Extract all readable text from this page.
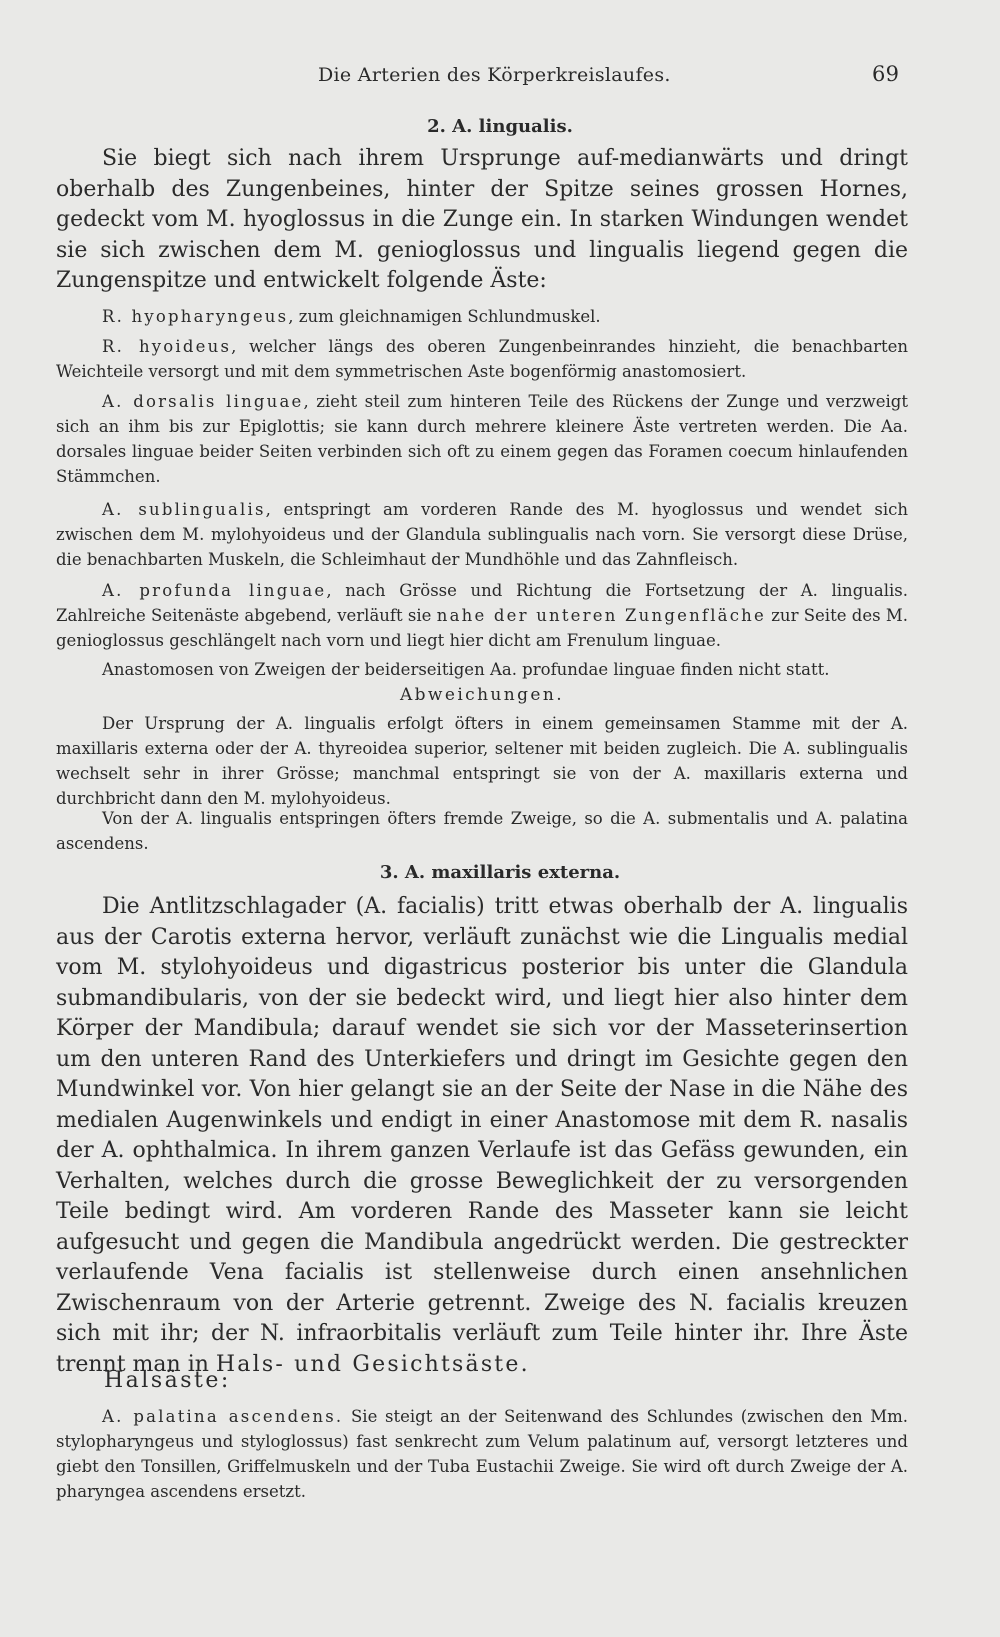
Die Arterien des Körperkreislaufes.	69
2. A. lingualis.

Sie biegt sich nach ihrem Ursprunge auf-medianwärts und dringt oberhalb des Zungenbeines, hinter der Spitze seines grossen Hornes, gedeckt vom M. hyoglossus in die Zunge ein. In starken Windungen wendet sie sich zwischen dem M. genioglossus und lingualis liegend gegen die Zungenspitze und entwickelt folgende Äste:

R. hyopharyngeus, zum gleichnamigen Schlundmuskel.

R. hyoideus, welcher längs des oberen Zungenbeinrandes hinzieht, die benachbarten Weichteile versorgt und mit dem symmetrischen Aste bogenförmig anastomosiert.

A. dorsalis linguae, zieht steil zum hinteren Teile des Rückens der Zunge und verzweigt sich an ihm bis zur Epiglottis; sie kann durch mehrere kleinere Äste vertreten werden. Die Aa. dorsales linguae beider Seiten verbinden sich oft zu einem gegen das Foramen coecum hinlaufenden Stämmchen.

A. sublingualis, entspringt am vorderen Rande des M. hyoglossus und wendet sich zwischen dem M. mylohyoideus und der Glandula sublingualis nach vorn. Sie versorgt diese Drüse, die benachbarten Muskeln, die Schleimhaut der Mundhöhle und das Zahnfleisch.

A. profunda linguae, nach Grösse und Richtung die Fortsetzung der A. lingualis. Zahlreiche Seitenäste abgebend, verläuft sie nahe der unteren Zungenfläche zur Seite des M. genioglossus geschlängelt nach vorn und liegt hier dicht am Frenulum linguae.

Anastomosen von Zweigen der beiderseitigen Aa. profundae linguae finden nicht statt.

Abweichungen.

Der Ursprung der A. lingualis erfolgt öfters in einem gemeinsamen Stamme mit der A. maxillaris externa oder der A. thyreoidea superior, seltener mit beiden zugleich. Die A. sublingualis wechselt sehr in ihrer Grösse; manchmal entspringt sie von der A. maxillaris externa und durchbricht dann den M. mylohyoideus.

Von der A. lingualis entspringen öfters fremde Zweige, so die A. submentalis und A. palatina ascendens.

3. A. maxillaris externa.

Die Antlitzschlagader (A. facialis) tritt etwas oberhalb der A. lingualis aus der Carotis externa hervor, verläuft zunächst wie die Lingualis medial vom M. stylohyoideus und digastricus posterior bis unter die Glandula submandibularis, von der sie bedeckt wird, und liegt hier also hinter dem Körper der Mandibula; darauf wendet sie sich vor der Masseterinsertion um den unteren Rand des Unterkiefers und dringt im Gesichte gegen den Mundwinkel vor. Von hier gelangt sie an der Seite der Nase in die Nähe des medialen Augenwinkels und endigt in einer Anastomose mit dem R. nasalis der A. ophthalmica. In ihrem ganzen Verlaufe ist das Gefäss gewunden, ein Verhalten, welches durch die grosse Beweglichkeit der zu versorgenden Teile bedingt wird. Am vorderen Rande des Masseter kann sie leicht aufgesucht und gegen die Mandibula angedrückt werden. Die gestreckter verlaufende Vena facialis ist stellenweise durch einen ansehnlichen Zwischenraum von der Arterie getrennt. Zweige des N. facialis kreuzen sich mit ihr; der N. infraorbitalis verläuft zum Teile hinter ihr. Ihre Äste trennt man in Hals- und Gesichtsäste.

Halsäste:

A. palatina ascendens. Sie steigt an der Seitenwand des Schlundes (zwischen den Mm. stylopharyngeus und styloglossus) fast senkrecht zum Velum palatinum auf, versorgt letzteres und giebt den Tonsillen, Griffelmuskeln und der Tuba Eustachii Zweige. Sie wird oft durch Zweige der A. pharyngea ascendens ersetzt.
